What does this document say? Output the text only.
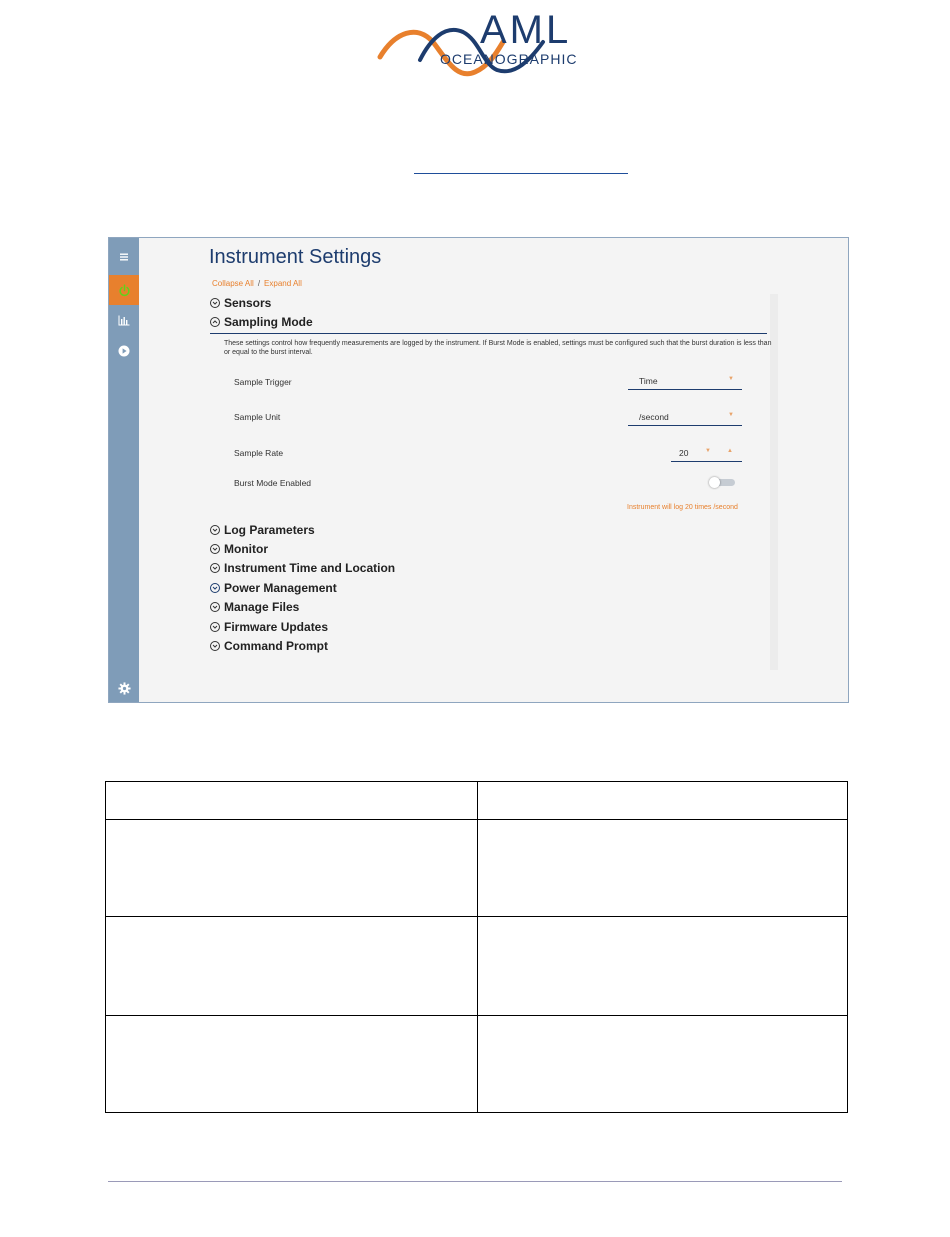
AML
OCEANOGRAPHIC
Instrument Settings
Collapse All / Expand All
Sensors
Sampling Mode
These settings control how frequently measurements are logged by the instrument. If Burst Mode is enabled, settings must be configured such that the burst duration is less than or equal to the burst interval.
Sample Trigger	Time	▼
Sample Unit	/second	▼
Sample Rate	20	▼	▲
Burst Mode Enabled
Instrument will log 20 times /second
Log Parameters
Monitor
Instrument Time and Location
Power Management
Manage Files
Firmware Updates
Command Prompt
